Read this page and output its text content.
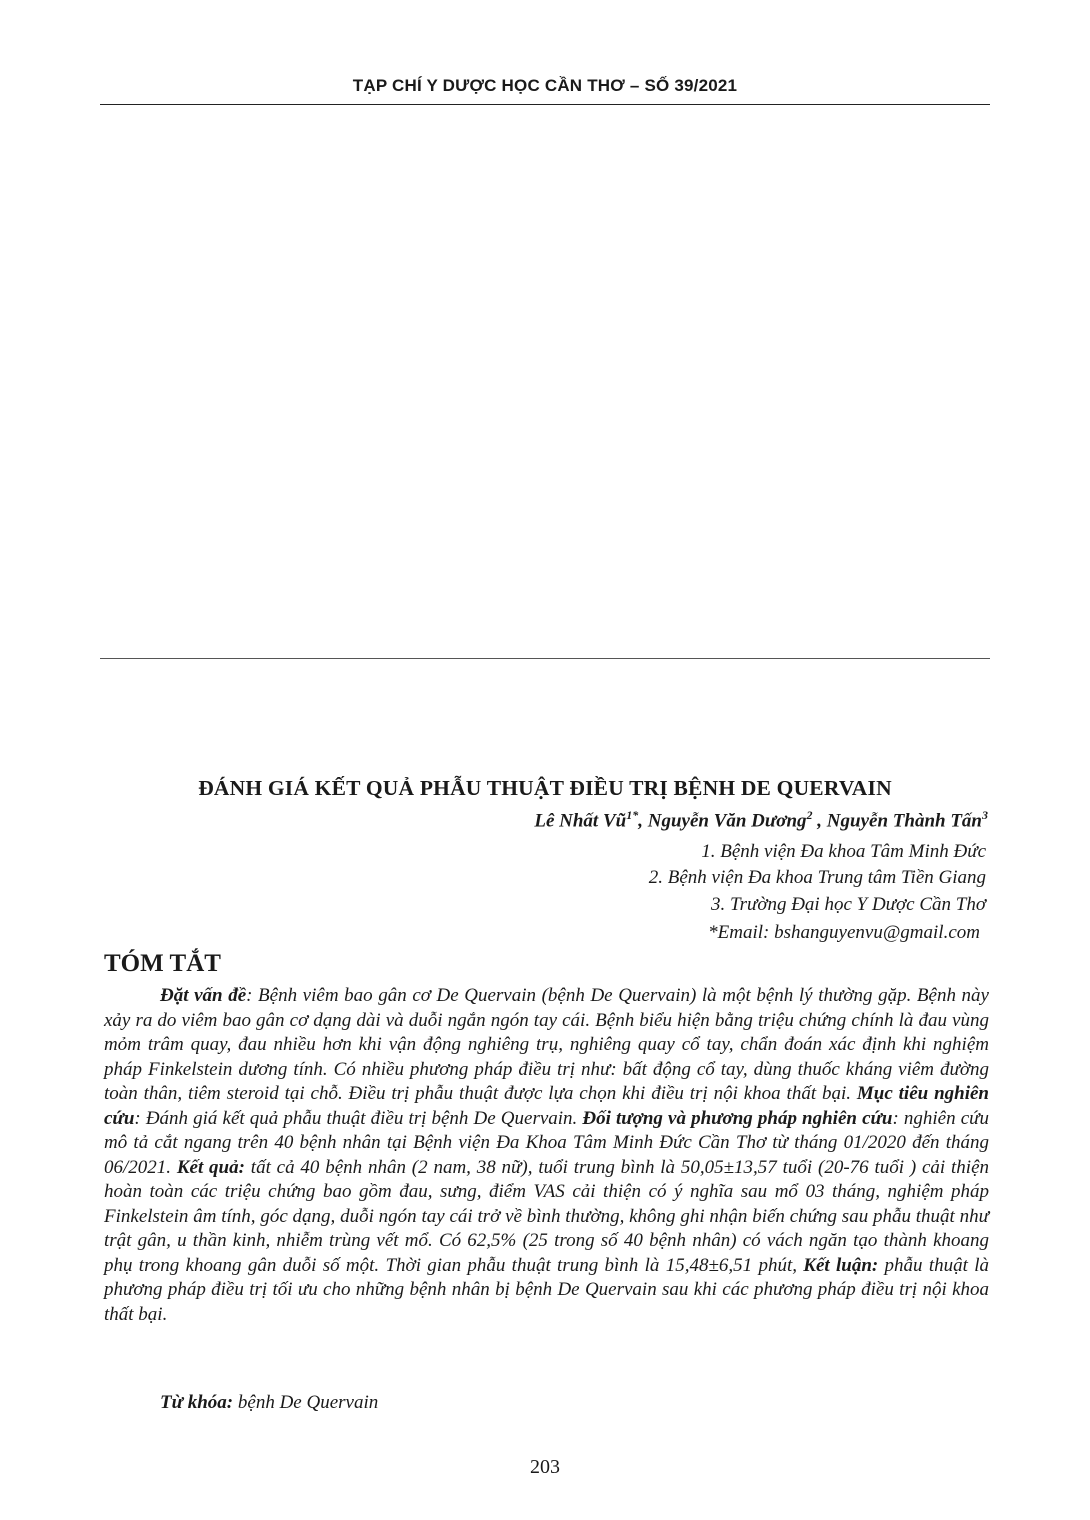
TẠP CHÍ Y DƯỢC HỌC CẦN THƠ – SỐ 39/2021
ĐÁNH GIÁ KẾT QUẢ PHẪU THUẬT ĐIỀU TRỊ BỆNH DE QUERVAIN
Lê Nhất $Vũ^{1*}$, Nguyễn Văn Dương$^2$ , Nguyễn Thành Tấn$^3$
1. Bệnh viện Đa khoa Tâm Minh Đức
2. Bệnh viện Đa khoa Trung tâm Tiền Giang
3. Trường Đại học Y Dược Cần Thơ
*Email: bshanguyenvu@gmail.com
TÓM TẮT

Đặt vấn đề: Bệnh viêm bao gân cơ De Quervain (bệnh De Quervain) là một bệnh lý thường gặp. Bệnh này xảy ra do viêm bao gân cơ dạng dài và duỗi ngắn ngón tay cái. Bệnh biểu hiện bằng triệu chứng chính là đau vùng mỏm trâm quay, đau nhiều hơn khi vận động nghiêng trụ, nghiêng quay cổ tay, chẩn đoán xác định khi nghiệm pháp Finkelstein dương tính. Có nhiều phương pháp điều trị như: bất động cổ tay, dùng thuốc kháng viêm đường toàn thân, tiêm steroid tại chỗ. Điều trị phẫu thuật được lựa chọn khi điều trị nội khoa thất bại. Mục tiêu nghiên cứu: Đánh giá kết quả phẫu thuật điều trị bệnh De Quervain. Đối tượng và phương pháp nghiên cứu: nghiên cứu mô tả cắt ngang trên 40 bệnh nhân tại Bệnh viện Đa Khoa Tâm Minh Đức Cần Thơ từ tháng 01/2020 đến tháng 06/2021. Kết quả: tất cả 40 bệnh nhân (2 nam, 38 nữ), tuổi trung bình là 50,05±13,57 tuổi (20-76 tuổi ) cải thiện hoàn toàn các triệu chứng bao gồm đau, sưng, điểm VAS cải thiện có ý nghĩa sau mổ 03 tháng, nghiệm pháp Finkelstein âm tính, góc dạng, duỗi ngón tay cái trở về bình thường, không ghi nhận biến chứng sau phẫu thuật như trật gân, u thần kinh, nhiễm trùng vết mổ. Có 62,5% (25 trong số 40 bệnh nhân) có vách ngăn tạo thành khoang phụ trong khoang gân duỗi số một. Thời gian phẫu thuật trung bình là 15,48±6,51 phút, Kết luận: phẫu thuật là phương pháp điều trị tối ưu cho những bệnh nhân bị bệnh De Quervain sau khi các phương pháp điều trị nội khoa thất bại.

Từ khóa: bệnh De Quervain
203
